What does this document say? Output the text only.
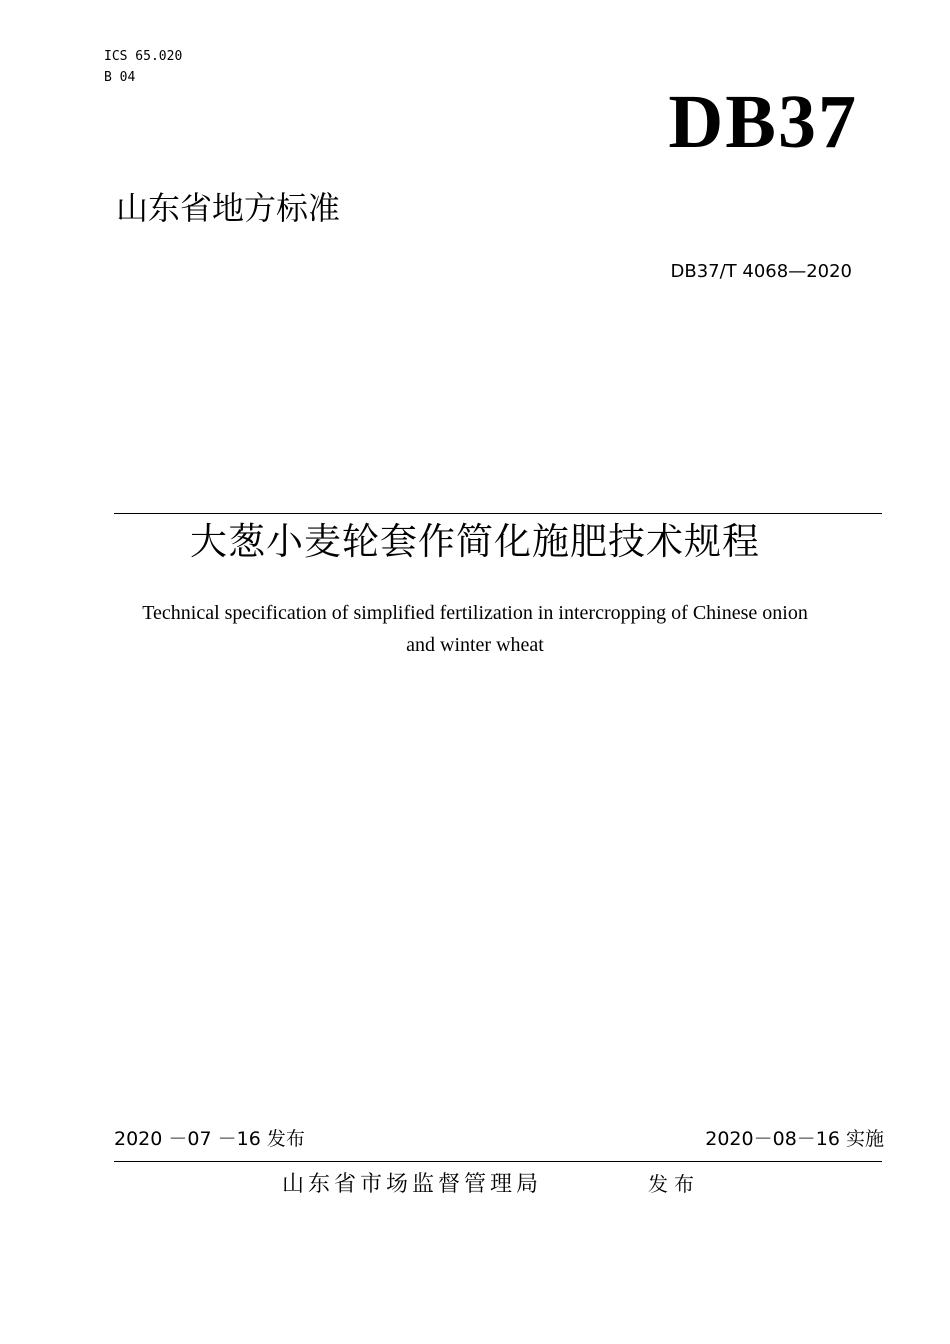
ICS 65.020
B 04
DB37
山东省地方标准
DB37/T 4068—2020
大葱小麦轮套作简化施肥技术规程
Technical specification of simplified fertilization in intercropping of Chinese onion
and winter wheat
2020 －07 －16 发布	2020－08－16 实施
山东省市场监督管理局	发布
